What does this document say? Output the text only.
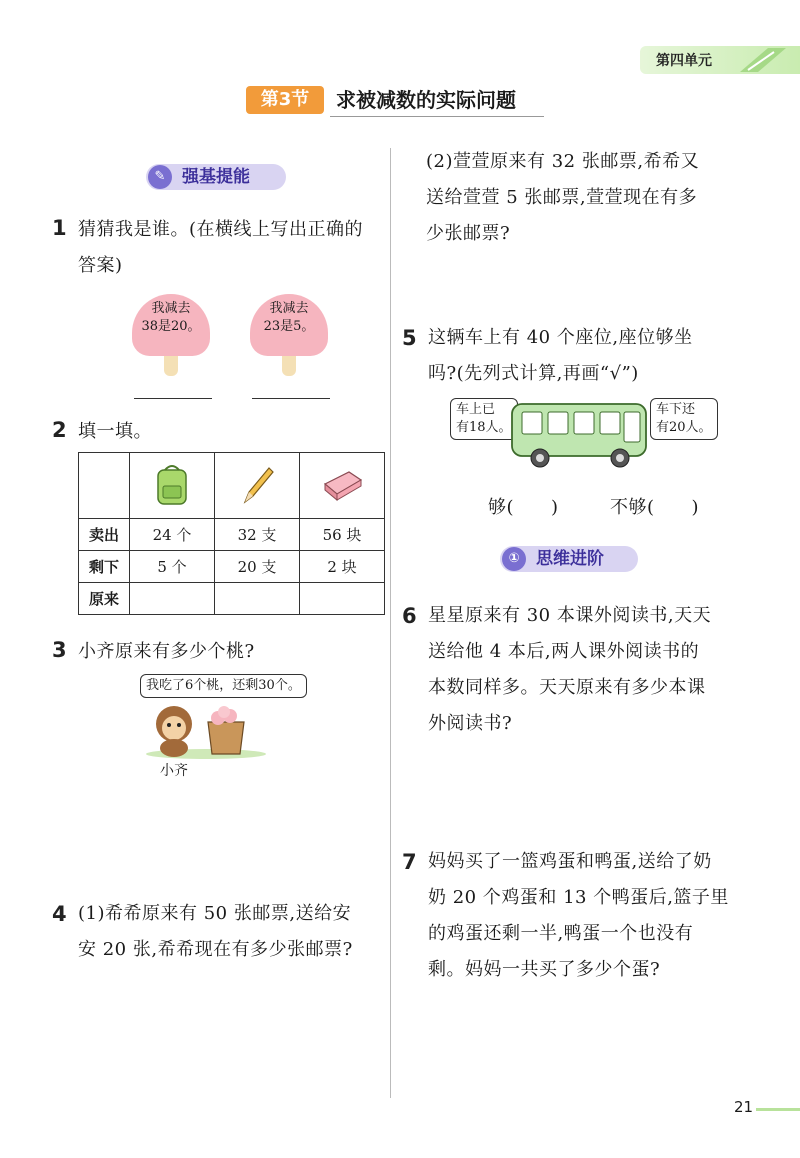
第四单元
第3节	求被减数的实际问题
✎ 强基提能
1 猜猜我是谁。(在横线上写出正确的
答案)
我减去
38是20。
我减去
23是5。
2 填一填。

卖出	24 个	32 支	56 块
剩下	5 个	20 支	2 块
原来			
3 小齐原来有多少个桃?
我吃了6个桃，还剩30个。
小齐
4 (1)希希原来有 50 张邮票,送给安
安 20 张,希希现在有多少张邮票?
(2)萱萱原来有 32 张邮票,希希又
送给萱萱 5 张邮票,萱萱现在有多
少张邮票?
5 这辆车上有 40 个座位,座位够坐
吗?(先列式计算,再画“√”)
车上已
有18人。
车下还
有20人。
够(　　)	不够(　　)
① 思维进阶
6 星星原来有 30 本课外阅读书,天天
送给他 4 本后,两人课外阅读书的
本数同样多。天天原来有多少本课
外阅读书?
7 妈妈买了一篮鸡蛋和鸭蛋,送给了奶
奶 20 个鸡蛋和 13 个鸭蛋后,篮子里
的鸡蛋还剩一半,鸭蛋一个也没有
剩。妈妈一共买了多少个蛋?
21
